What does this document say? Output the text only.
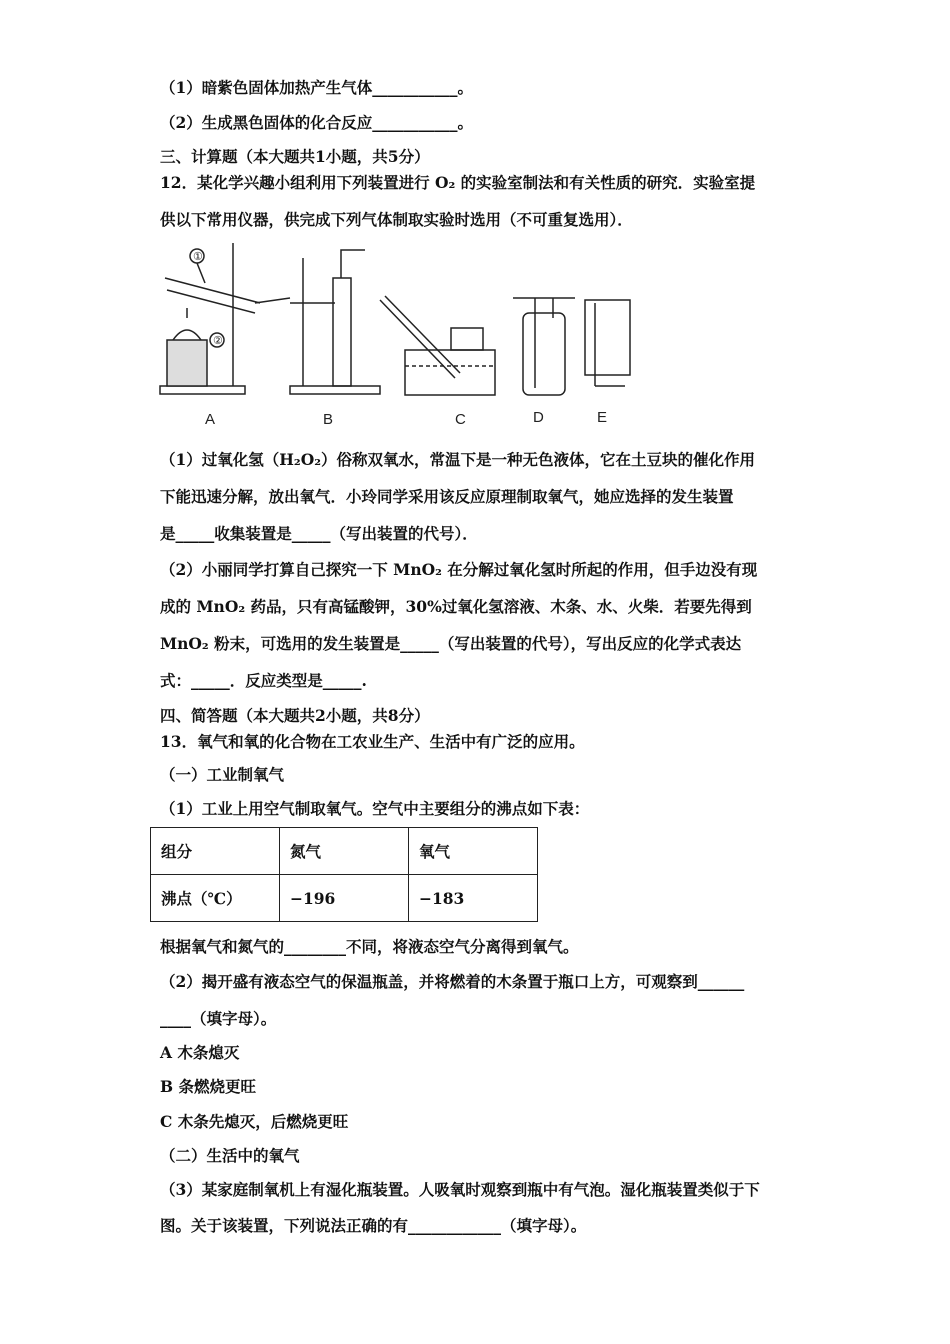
（1）暗紫色固体加热产生气体___________。
（2）生成黑色固体的化合反应___________。
三、计算题（本大题共1小题，共5分）
12．某化学兴趣小组利用下列装置进行 O₂ 的实验室制法和有关性质的研究．实验室提
供以下常用仪器，供完成下列气体制取实验时选用（不可重复选用）．
②
①
A	B	C	D	E
（1）过氧化氢（H₂O₂）俗称双氧水，常温下是一种无色液体，它在土豆块的催化作用
下能迅速分解，放出氧气．小玲同学采用该反应原理制取氧气，她应选择的发生装置
是_____收集装置是_____（写出装置的代号）．
（2）小丽同学打算自己探究一下 MnO₂ 在分解过氧化氢时所起的作用，但手边没有现
成的 MnO₂ 药品，只有高锰酸钾，30%过氧化氢溶液、木条、水、火柴．若要先得到
MnO₂ 粉末，可选用的发生装置是_____（写出装置的代号），写出反应的化学式表达
式：_____．反应类型是_____.
四、简答题（本大题共2小题，共8分）
13．氧气和氧的化合物在工农业生产、生活中有广泛的应用。
（一）工业制氧气
（1）工业上用空气制取氧气。空气中主要组分的沸点如下表：
组分	氮气	氧气
沸点（℃）	−196	−183
根据氧气和氮气的________不同，将液态空气分离得到氧气。
（2）揭开盛有液态空气的保温瓶盖，并将燃着的木条置于瓶口上方，可观察到______
____（填字母）。
A 木条熄灭
B 条燃烧更旺
C 木条先熄灭，后燃烧更旺
（二）生活中的氧气
（3）某家庭制氧机上有湿化瓶装置。人吸氧时观察到瓶中有气泡。湿化瓶装置类似于下
图。关于该装置，下列说法正确的有____________（填字母）。
